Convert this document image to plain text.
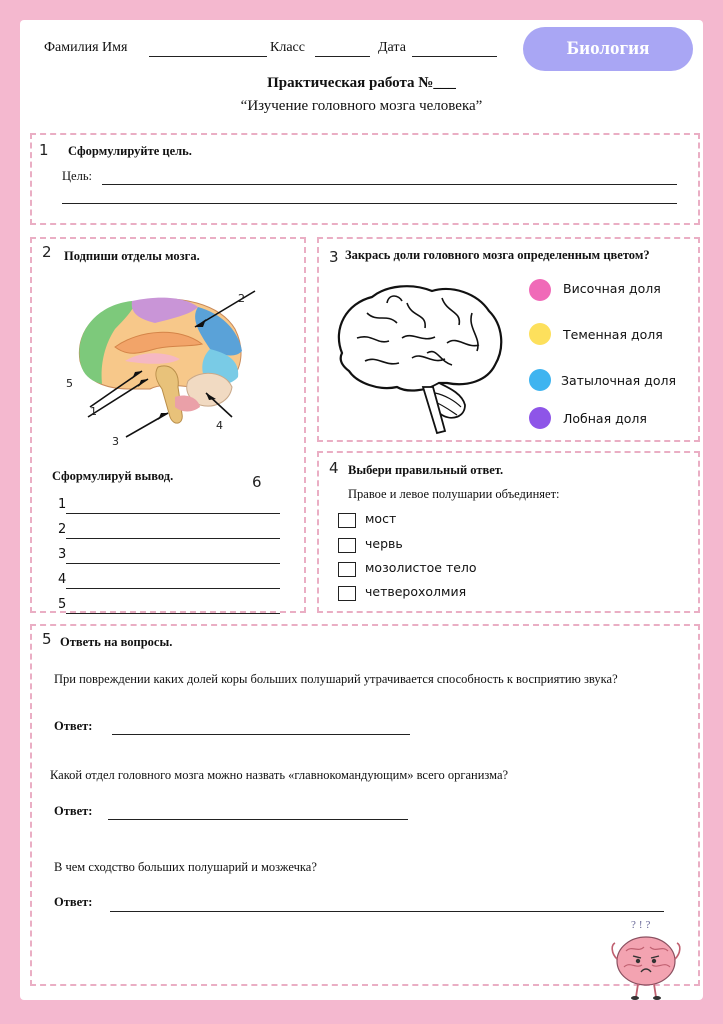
Фамилия Имя	Класс	Дата	Биология
Практическая работа №___
“Изучение головного мозга человека”
1 Сформулируйте цель.
Цель:
2 Подпиши отделы мозга.
2
5
1
4
3
Сформулируй вывод.	6
1
2
3
4
5
3 Закрась доли головного мозга определенным цветом?
Височная доля
Теменная доля
Затылочная доля
Лобная доля
4 Выбери правильный ответ.
Правое и левое полушарии объединяет:
мост
червь
мозолистое тело
четверохолмия
5 Ответь на вопросы.
При повреждении каких долей коры больших полушарий утрачивается способность к восприятию звука?
Ответ:
Какой отдел головного мозга можно назвать «главнокомандующим» всего организма?
Ответ:
В чем сходство больших полушарий и мозжечка?
Ответ:
?!?
